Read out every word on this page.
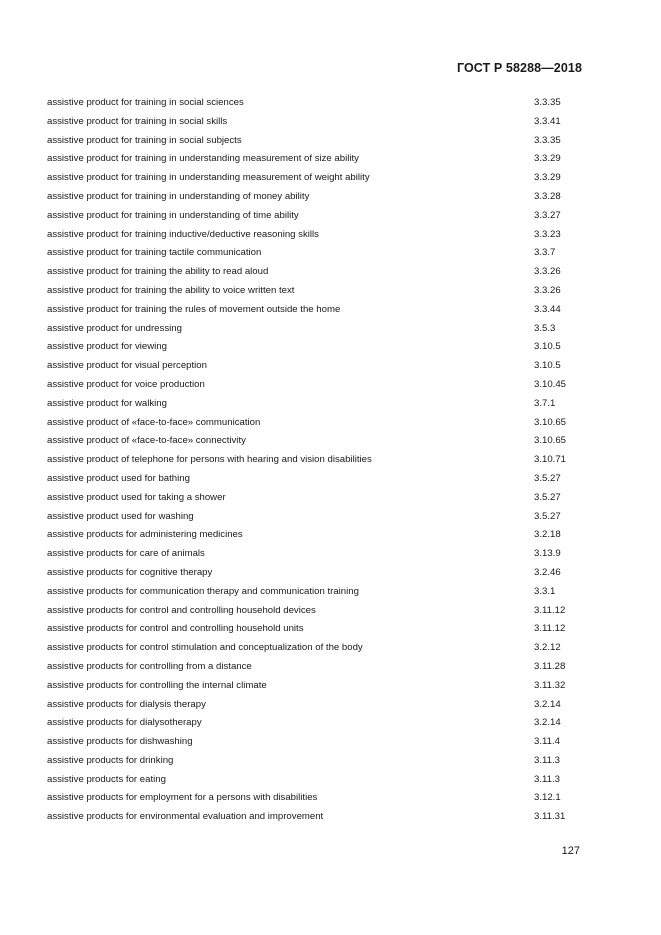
ГОСТ Р 58288—2018
assistive product for training in social sciences	3.3.35
assistive product for training in social skills	3.3.41
assistive product for training in social subjects	3.3.35
assistive product for training in understanding measurement of size ability	3.3.29
assistive product for training in understanding measurement of weight ability	3.3.29
assistive product for training in understanding of money ability	3.3.28
assistive product for training in understanding of time ability	3.3.27
assistive product for training inductive/deductive reasoning skills	3.3.23
assistive product for training tactile communication	3.3.7
assistive product for training the ability to read aloud	3.3.26
assistive product for training the ability to voice written text	3.3.26
assistive product for training the rules of movement outside the home	3.3.44
assistive product for undressing	3.5.3
assistive product for viewing	3.10.5
assistive product for visual perception	3.10.5
assistive product for voice production	3.10.45
assistive product for walking	3.7.1
assistive product of «face-to-face» communication	3.10.65
assistive product of «face-to-face» connectivity	3.10.65
assistive product of telephone for persons with hearing and vision disabilities	3.10.71
assistive product used for bathing	3.5.27
assistive product used for taking a shower	3.5.27
assistive product used for washing	3.5.27
assistive products for administering medicines	3.2.18
assistive products for care of animals	3.13.9
assistive products for cognitive therapy	3.2.46
assistive products for communication therapy and communication training	3.3.1
assistive products for control and controlling household devices	3.11.12
assistive products for control and controlling household units	3.11.12
assistive products for control stimulation and conceptualization of the body	3.2.12
assistive products for controlling from a distance	3.11.28
assistive products for controlling the internal climate	3.11.32
assistive products for dialysis therapy	3.2.14
assistive products for dialysotherapy	3.2.14
assistive products for dishwashing	3.11.4
assistive products for drinking	3.11.3
assistive products for eating	3.11.3
assistive products for employment for a persons with disabilities	3.12.1
assistive products for environmental evaluation and improvement	3.11.31
127
